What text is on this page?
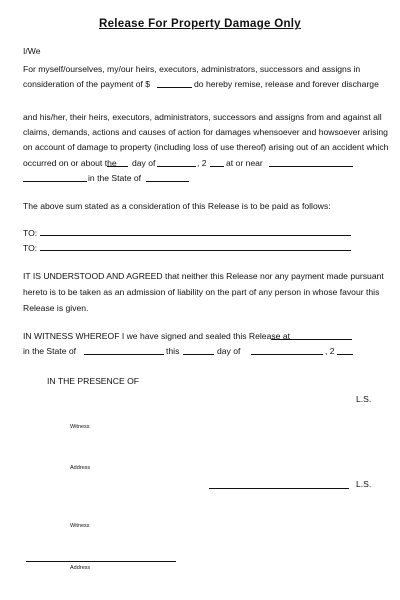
Release For Property Damage Only
I/We
For myself/ourselves, my/our heirs, executors, administrators, successors and assigns in
consideration of the payment of $	do hereby remise, release and forever discharge
and his/her, their heirs, executors, administrators, successors and assigns from and against all
claims, demands, actions and causes of action for damages whensoever and howsoever arising
on account of damage to property (including loss of use thereof) arising out of an accident which
occurred on or about the day of	, 2 at or near
in the State of
The above sum stated as a consideration of this Release is to be paid as follows:
TO:
TO:
IT IS UNDERSTOOD AND AGREED that neither this Release nor any payment made pursuant
hereto is to be taken as an admission of liability on the part of any person in whose favour this
Release is given.
IN WITNESS WHEREOF I we have signed and sealed this Release at
in the State of	this	day of	, 2
IN THE PRESENCE OF
L.S.
Witness
Address
L.S.
Witness
Address
